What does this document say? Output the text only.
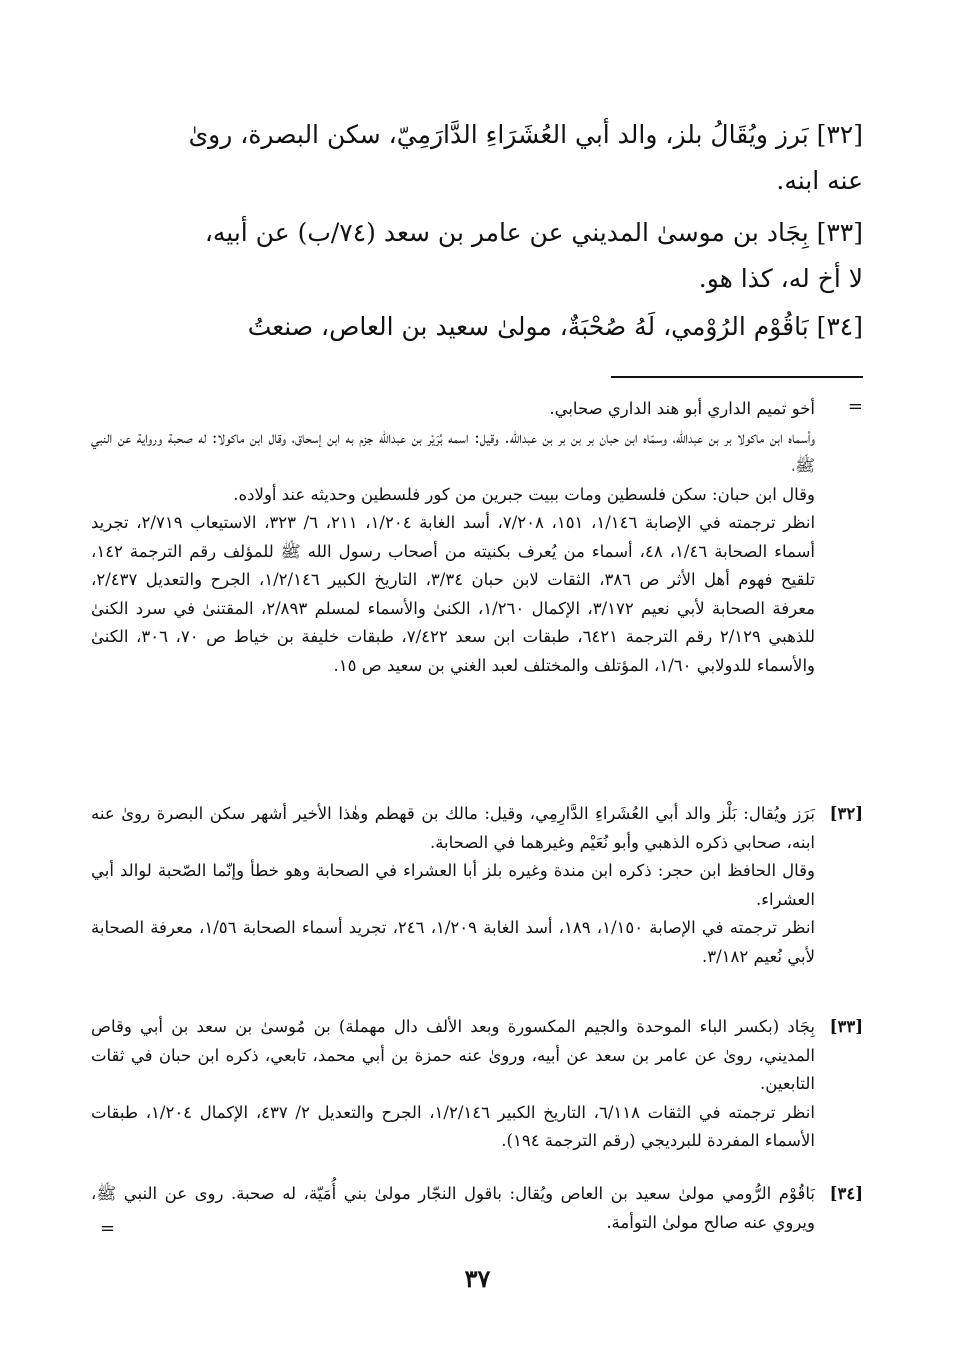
[٣٢] بَرز ويُقَالُ بلز، والد أبي العُشَرَاءِ الدَّارَمِيّ، سكن البصرة، روىٰ

عنه ابنه.

[٣٣] بِجَاد بن موسىٰ المديني عن عامر بن سعد (٧٤/ب) عن أبيه،

لا أخ له، كذا هو.

[٣٤] بَاقُوْم الرُوْمي، لَهُ صُحْبَةٌ، مولىٰ سعيد بن العاص، صنعتُ

=

أخو تميم الداري أبو هند الداري صحابي.

وأسماه ابن ماكولا بر بن عبدالله، وسمّاه ابن حبان بر بن بر بن عبدالله. وقيل: اسمه بُرَيْر بن عبدالله جزم به ابن إسحاق، وقال ابن ماكولا: له صحبة ورواية عن النبي ﷺ،

وقال ابن حبان: سكن فلسطين ومات ببيت جبرين من كور فلسطين وحديثه عند أولاده.

انظر ترجمته في الإصابة ١/١٤٦، ١٥١، ٧/٢٠٨، أسد الغابة ١/٢٠٤، ٢١١، ٦/ ٣٢٣، الاستيعاب ٢/٧١٩، تجريد أسماء الصحابة ١/٤٦، ٤٨، أسماء من يُعرف بكنيته من أصحاب رسول الله ﷺ للمؤلف رقم الترجمة ١٤٢، تلقيح فهوم أهل الأثر ص ٣٨٦، الثقات لابن حبان ٣/٣٤، التاريخ الكبير ١/٢/١٤٦، الجرح والتعديل ٢/٤٣٧، معرفة الصحابة لأبي نعيم ٣/١٧٢، الإكمال ١/٢٦٠، الكنىٰ والأسماء لمسلم ٢/٨٩٣، المقتنىٰ في سرد الكنىٰ للذهبي ٢/١٢٩ رقم الترجمة ٦٤٢١، طبقات ابن سعد ٧/٤٢٢، طبقات خليفة بن خياط ص ٧٠، ٣٠٦، الكنىٰ والأسماء للدولابي ١/٦٠، المؤتلف والمختلف لعبد الغني بن سعيد ص ١٥.

[٣٢]

بَرَز ويُقال: بَلْز والد أبي العُشَراءِ الدَّارِمِي، وقيل: مالك بن قهطم وهٰذا الأخير أشهر سكن البصرة روىٰ عنه ابنه، صحابي ذكره الذهبي وأبو نُعَيْم وغيرهما في الصحابة.

وقال الحافظ ابن حجر: ذكره ابن مندة وغيره بلز أبا العشراء في الصحابة وهو خطأ وإنّما الصّحبة لوالد أبي العشراء.

انظر ترجمته في الإصابة ١/١٥٠، ١٨٩، أسد الغابة ١/٢٠٩، ٢٤٦، تجريد أسماء الصحابة ١/٥٦، معرفة الصحابة لأبي نُعيم ٣/١٨٢.

[٣٣]

بِجَاد (بكسر الباء الموحدة والجيم المكسورة وبعد الألف دال مهملة) بن مُوسىٰ بن سعد بن أبي وقاص المديني، روىٰ عن عامر بن سعد عن أبيه، وروىٰ عنه حمزة بن أبي محمد، تابعي، ذكره ابن حبان في ثقات التابعين.

انظر ترجمته في الثقات ٦/١١٨، التاريخ الكبير ١/٢/١٤٦، الجرح والتعديل ٢/ ٤٣٧، الإكمال ١/٢٠٤، طبقات الأسماء المفردة للبرديجي (رقم الترجمة ١٩٤).

[٣٤]

بَاقُوْم الرُّومي مولىٰ سعيد بن العاص ويُقال: باقول النجّار مولىٰ بني أُمَيّة، له صحبة. روى عن النبي ﷺ، ويروي عنه صالح مولىٰ التوأمة.

=
٣٧
